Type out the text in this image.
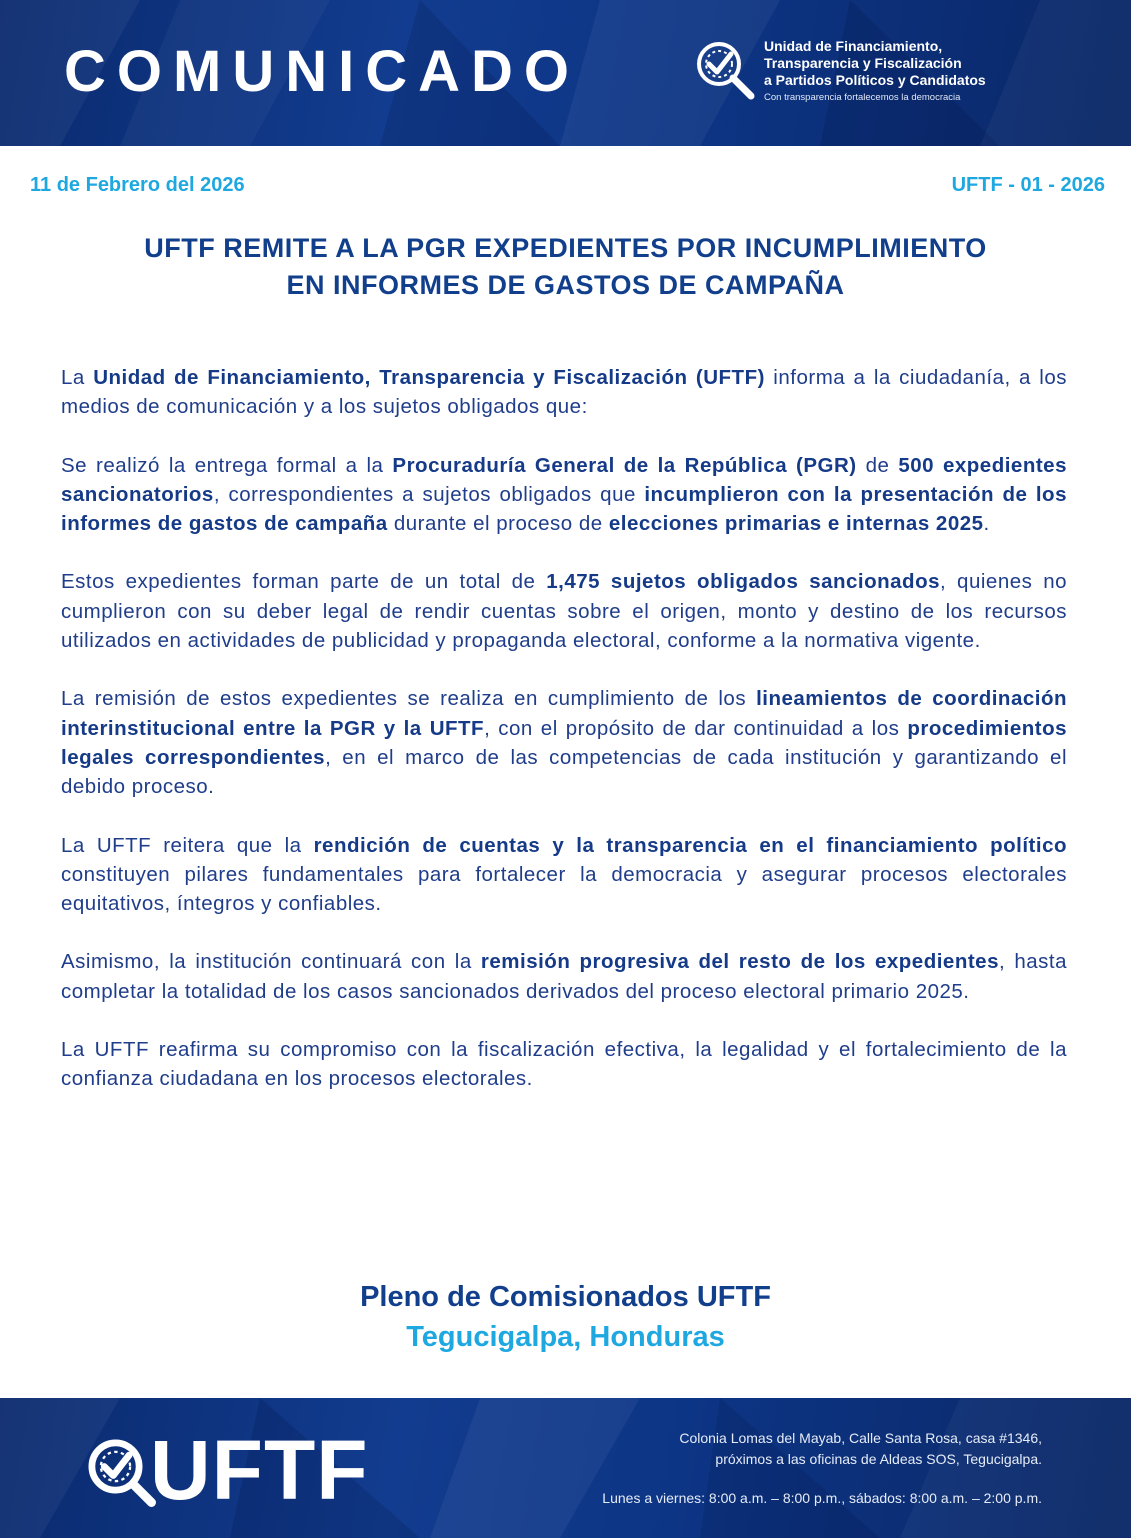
COMUNICADO	Unidad de Financiamiento,
Transparencia y Fiscalización
a Partidos Políticos y Candidatos
Con transparencia fortalecemos la democracia
11 de Febrero del 2026	UFTF - 01 - 2026
UFTF REMITE A LA PGR EXPEDIENTES POR INCUMPLIMIENTO
EN INFORMES DE GASTOS DE CAMPAÑA

La Unidad de Financiamiento, Transparencia y Fiscalización (UFTF) informa a la ciudadanía, a los medios de comunicación y a los sujetos obligados que:

Se realizó la entrega formal a la Procuraduría General de la República (PGR) de 500 expedientes sancionatorios, correspondientes a sujetos obligados que incumplieron con la presentación de los informes de gastos de campaña durante el proceso de elecciones primarias e internas 2025.

Estos expedientes forman parte de un total de 1,475 sujetos obligados sancionados, quienes no cumplieron con su deber legal de rendir cuentas sobre el origen, monto y destino de los recursos utilizados en actividades de publicidad y propaganda electoral, conforme a la normativa vigente.

La remisión de estos expedientes se realiza en cumplimiento de los lineamientos de coordinación interinstitucional entre la PGR y la UFTF, con el propósito de dar continuidad a los procedimientos legales correspondientes, en el marco de las competencias de cada institución y garantizando el debido proceso.

La UFTF reitera que la rendición de cuentas y la transparencia en el financiamiento político constituyen pilares fundamentales para fortalecer la democracia y asegurar procesos electorales equitativos, íntegros y confiables.

Asimismo, la institución continuará con la remisión progresiva del resto de los expedientes, hasta completar la totalidad de los casos sancionados derivados del proceso electoral primario 2025.

La UFTF reafirma su compromiso con la fiscalización efectiva, la legalidad y el fortalecimiento de la confianza ciudadana en los procesos electorales.

Pleno de Comisionados UFTF
Tegucigalpa, Honduras
UFTF	Colonia Lomas del Mayab, Calle Santa Rosa, casa #1346,
próximos a las oficinas de Aldeas SOS, Tegucigalpa.
Lunes a viernes: 8:00 a.m. – 8:00 p.m., sábados: 8:00 a.m. – 2:00 p.m.
